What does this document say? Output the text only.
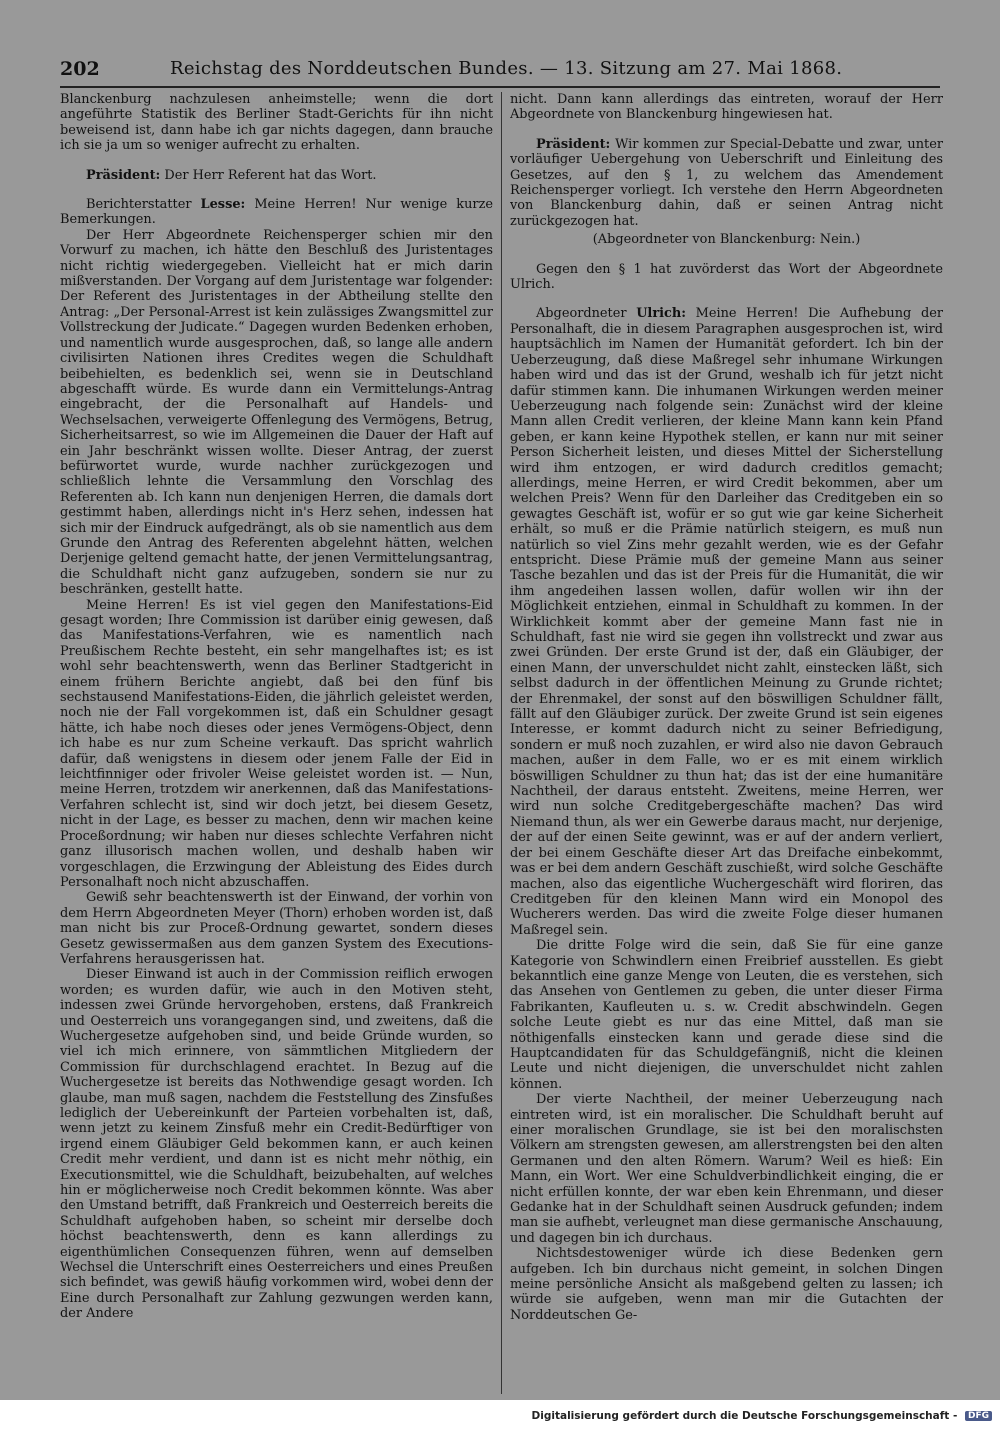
202	Reichstag des Norddeutschen Bundes. — 13. Sitzung am 27. Mai 1868.

Blanckenburg nachzulesen anheimstelle; wenn die dort angeführte Statistik des Berliner Stadt-Gerichts für ihn nicht beweisend ist, dann habe ich gar nichts dagegen, dann brauche ich sie ja um so weniger aufrecht zu erhalten.

Präsident: Der Herr Referent hat das Wort.

Berichterstatter Lesse: Meine Herren! Nur wenige kurze Bemerkungen.

Der Herr Abgeordnete Reichensperger schien mir den Vorwurf zu machen, ich hätte den Beschluß des Juristentages nicht richtig wiedergegeben. Vielleicht hat er mich darin mißverstanden. Der Vorgang auf dem Juristentage war folgender: Der Referent des Juristentages in der Abtheilung stellte den Antrag: „Der Personal-Arrest ist kein zulässiges Zwangsmittel zur Vollstreckung der Judicate.“ Dagegen wurden Bedenken erhoben, und namentlich wurde ausgesprochen, daß, so lange alle andern civilisirten Nationen ihres Credites wegen die Schuldhaft beibehielten, es bedenklich sei, wenn sie in Deutschland abgeschafft würde. Es wurde dann ein Vermittelungs-Antrag eingebracht, der die Personalhaft auf Handels- und Wechselsachen, verweigerte Offenlegung des Vermögens, Betrug, Sicherheitsarrest, so wie im Allgemeinen die Dauer der Haft auf ein Jahr beschränkt wissen wollte. Dieser Antrag, der zuerst befürwortet wurde, wurde nachher zurückgezogen und schließlich lehnte die Versammlung den Vorschlag des Referenten ab. Ich kann nun denjenigen Herren, die damals dort gestimmt haben, allerdings nicht in's Herz sehen, indessen hat sich mir der Eindruck aufgedrängt, als ob sie namentlich aus dem Grunde den Antrag des Referenten abgelehnt hätten, welchen Derjenige geltend gemacht hatte, der jenen Vermittelungsantrag, die Schuldhaft nicht ganz aufzugeben, sondern sie nur zu beschränken, gestellt hatte.

Meine Herren! Es ist viel gegen den Manifestations-Eid gesagt worden; Ihre Commission ist darüber einig gewesen, daß das Manifestations-Verfahren, wie es namentlich nach Preußischem Rechte besteht, ein sehr mangelhaftes ist; es ist wohl sehr beachtenswerth, wenn das Berliner Stadtgericht in einem frühern Berichte angiebt, daß bei den fünf bis sechstausend Manifestations-Eiden, die jährlich geleistet werden, noch nie der Fall vorgekommen ist, daß ein Schuldner gesagt hätte, ich habe noch dieses oder jenes Vermögens-Object, denn ich habe es nur zum Scheine verkauft. Das spricht wahrlich dafür, daß wenigstens in diesem oder jenem Falle der Eid in leichtfinniger oder frivoler Weise geleistet worden ist. — Nun, meine Herren, trotzdem wir anerkennen, daß das Manifestations-Verfahren schlecht ist, sind wir doch jetzt, bei diesem Gesetz, nicht in der Lage, es besser zu machen, denn wir machen keine Proceßordnung; wir haben nur dieses schlechte Verfahren nicht ganz illusorisch machen wollen, und deshalb haben wir vorgeschlagen, die Erzwingung der Ableistung des Eides durch Personalhaft noch nicht abzuschaffen.

Gewiß sehr beachtenswerth ist der Einwand, der vorhin von dem Herrn Abgeordneten Meyer (Thorn) erhoben worden ist, daß man nicht bis zur Proceß-Ordnung gewartet, sondern dieses Gesetz gewissermaßen aus dem ganzen System des Executions-Verfahrens herausgerissen hat.

Dieser Einwand ist auch in der Commission reiflich erwogen worden; es wurden dafür, wie auch in den Motiven steht, indessen zwei Gründe hervorgehoben, erstens, daß Frankreich und Oesterreich uns vorangegangen sind, und zweitens, daß die Wuchergesetze aufgehoben sind, und beide Gründe wurden, so viel ich mich erinnere, von sämmtlichen Mitgliedern der Commission für durchschlagend erachtet. In Bezug auf die Wuchergesetze ist bereits das Nothwendige gesagt worden. Ich glaube, man muß sagen, nachdem die Feststellung des Zinsfußes lediglich der Uebereinkunft der Parteien vorbehalten ist, daß, wenn jetzt zu keinem Zinsfuß mehr ein Credit-Bedürftiger von irgend einem Gläubiger Geld bekommen kann, er auch keinen Credit mehr verdient, und dann ist es nicht mehr nöthig, ein Executionsmittel, wie die Schuldhaft, beizubehalten, auf welches hin er möglicherweise noch Credit bekommen könnte. Was aber den Umstand betrifft, daß Frankreich und Oesterreich bereits die Schuldhaft aufgehoben haben, so scheint mir derselbe doch höchst beachtenswerth, denn es kann allerdings zu eigenthümlichen Consequenzen führen, wenn auf demselben Wechsel die Unterschrift eines Oesterreichers und eines Preußen sich befindet, was gewiß häufig vorkommen wird, wobei denn der Eine durch Personalhaft zur Zahlung gezwungen werden kann, der Andere

nicht. Dann kann allerdings das eintreten, worauf der Herr Abgeordnete von Blanckenburg hingewiesen hat.

Präsident: Wir kommen zur Special-Debatte und zwar, unter vorläufiger Uebergehung von Ueberschrift und Einleitung des Gesetzes, auf den § 1, zu welchem das Amendement Reichensperger vorliegt. Ich verstehe den Herrn Abgeordneten von Blanckenburg dahin, daß er seinen Antrag nicht zurückgezogen hat.

(Abgeordneter von Blanckenburg: Nein.)

Gegen den § 1 hat zuvörderst das Wort der Abgeordnete Ulrich.

Abgeordneter Ulrich: Meine Herren! Die Aufhebung der Personalhaft, die in diesem Paragraphen ausgesprochen ist, wird hauptsächlich im Namen der Humanität gefordert. Ich bin der Ueberzeugung, daß diese Maßregel sehr inhumane Wirkungen haben wird und das ist der Grund, weshalb ich für jetzt nicht dafür stimmen kann. Die inhumanen Wirkungen werden meiner Ueberzeugung nach folgende sein: Zunächst wird der kleine Mann allen Credit verlieren, der kleine Mann kann kein Pfand geben, er kann keine Hypothek stellen, er kann nur mit seiner Person Sicherheit leisten, und dieses Mittel der Sicherstellung wird ihm entzogen, er wird dadurch creditlos gemacht; allerdings, meine Herren, er wird Credit bekommen, aber um welchen Preis? Wenn für den Darleiher das Creditgeben ein so gewagtes Geschäft ist, wofür er so gut wie gar keine Sicherheit erhält, so muß er die Prämie natürlich steigern, es muß nun natürlich so viel Zins mehr gezahlt werden, wie es der Gefahr entspricht. Diese Prämie muß der gemeine Mann aus seiner Tasche bezahlen und das ist der Preis für die Humanität, die wir ihm angedeihen lassen wollen, dafür wollen wir ihn der Möglichkeit entziehen, einmal in Schuldhaft zu kommen. In der Wirklichkeit kommt aber der gemeine Mann fast nie in Schuldhaft, fast nie wird sie gegen ihn vollstreckt und zwar aus zwei Gründen. Der erste Grund ist der, daß ein Gläubiger, der einen Mann, der unverschuldet nicht zahlt, einstecken läßt, sich selbst dadurch in der öffentlichen Meinung zu Grunde richtet; der Ehrenmakel, der sonst auf den böswilligen Schuldner fällt, fällt auf den Gläubiger zurück. Der zweite Grund ist sein eigenes Interesse, er kommt dadurch nicht zu seiner Befriedigung, sondern er muß noch zuzahlen, er wird also nie davon Gebrauch machen, außer in dem Falle, wo er es mit einem wirklich böswilligen Schuldner zu thun hat; das ist der eine humanitäre Nachtheil, der daraus entsteht. Zweitens, meine Herren, wer wird nun solche Creditgebergeschäfte machen? Das wird Niemand thun, als wer ein Gewerbe daraus macht, nur derjenige, der auf der einen Seite gewinnt, was er auf der andern verliert, der bei einem Geschäfte dieser Art das Dreifache einbekommt, was er bei dem andern Geschäft zuschießt, wird solche Geschäfte machen, also das eigentliche Wuchergeschäft wird floriren, das Creditgeben für den kleinen Mann wird ein Monopol des Wucherers werden. Das wird die zweite Folge dieser humanen Maßregel sein.

Die dritte Folge wird die sein, daß Sie für eine ganze Kategorie von Schwindlern einen Freibrief ausstellen. Es giebt bekanntlich eine ganze Menge von Leuten, die es verstehen, sich das Ansehen von Gentlemen zu geben, die unter dieser Firma Fabrikanten, Kaufleuten u. s. w. Credit abschwindeln. Gegen solche Leute giebt es nur das eine Mittel, daß man sie nöthigenfalls einstecken kann und gerade diese sind die Hauptcandidaten für das Schuldgefängniß, nicht die kleinen Leute und nicht diejenigen, die unverschuldet nicht zahlen können.

Der vierte Nachtheil, der meiner Ueberzeugung nach eintreten wird, ist ein moralischer. Die Schuldhaft beruht auf einer moralischen Grundlage, sie ist bei den moralischsten Völkern am strengsten gewesen, am allerstrengsten bei den alten Germanen und den alten Römern. Warum? Weil es hieß: Ein Mann, ein Wort. Wer eine Schuldverbindlichkeit einging, die er nicht erfüllen konnte, der war eben kein Ehrenmann, und dieser Gedanke hat in der Schuldhaft seinen Ausdruck gefunden; indem man sie aufhebt, verleugnet man diese germanische Anschauung, und dagegen bin ich durchaus.

Nichtsdestoweniger würde ich diese Bedenken gern aufgeben. Ich bin durchaus nicht gemeint, in solchen Dingen meine persönliche Ansicht als maßgebend gelten zu lassen; ich würde sie aufgeben, wenn man mir die Gutachten der Norddeutschen Ge-

Digitalisierung gefördert durch die Deutsche Forschungsgemeinschaft - DFG
